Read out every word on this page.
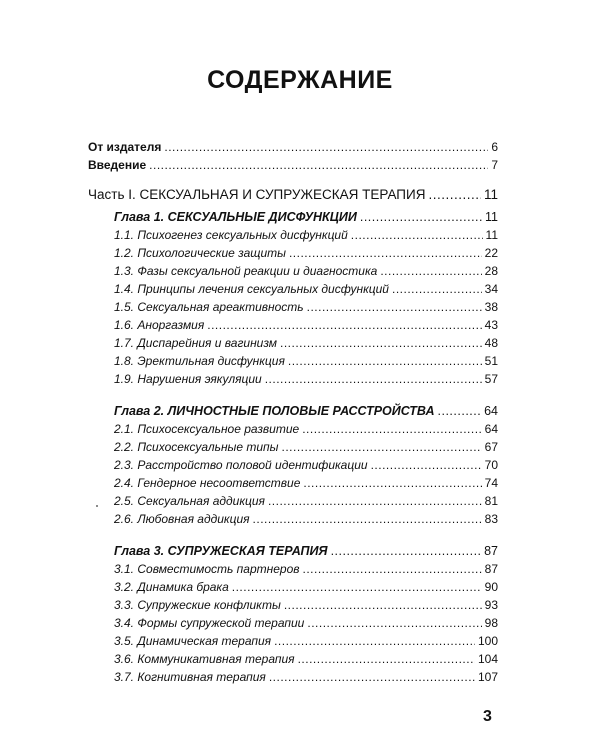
СОДЕРЖАНИЕ
От издателя .....	6
Введение .....	7
Часть I. СЕКСУАЛЬНАЯ И СУПРУЖЕСКАЯ ТЕРАПИЯ .....	11
Глава 1. СЕКСУАЛЬНЫЕ ДИСФУНКЦИИ .....	11
1.1. Психогенез сексуальных дисфункций .....	11
1.2. Психологические защиты .....	22
1.3. Фазы сексуальной реакции и диагностика .....	28
1.4. Принципы лечения сексуальных дисфункций .....	34
1.5. Сексуальная ареактивность .....	38
1.6. Аноргазмия .....	43
1.7. Диспарейния и вагинизм .....	48
1.8. Эректильная дисфункция .....	51
1.9. Нарушения эякуляции .....	57
Глава 2. ЛИЧНОСТНЫЕ ПОЛОВЫЕ РАССТРОЙСТВА .....	64
2.1. Психосексуальное развитие .....	64
2.2. Психосексуальные типы .....	67
2.3. Расстройство половой идентификации .....	70
2.4. Гендерное несоответствие .....	74
2.5. Сексуальная аддикция .....	81
2.6. Любовная аддикция .....	83
Глава 3. СУПРУЖЕСКАЯ ТЕРАПИЯ .....	87
3.1. Совместимость партнеров .....	87
3.2. Динамика брака .....	90
3.3. Супружеские конфликты .....	93
3.4. Формы супружеской терапии .....	98
3.5. Динамическая терапия .....	100
3.6. Коммуникативная терапия .....	104
3.7. Когнитивная терапия .....	107
3
